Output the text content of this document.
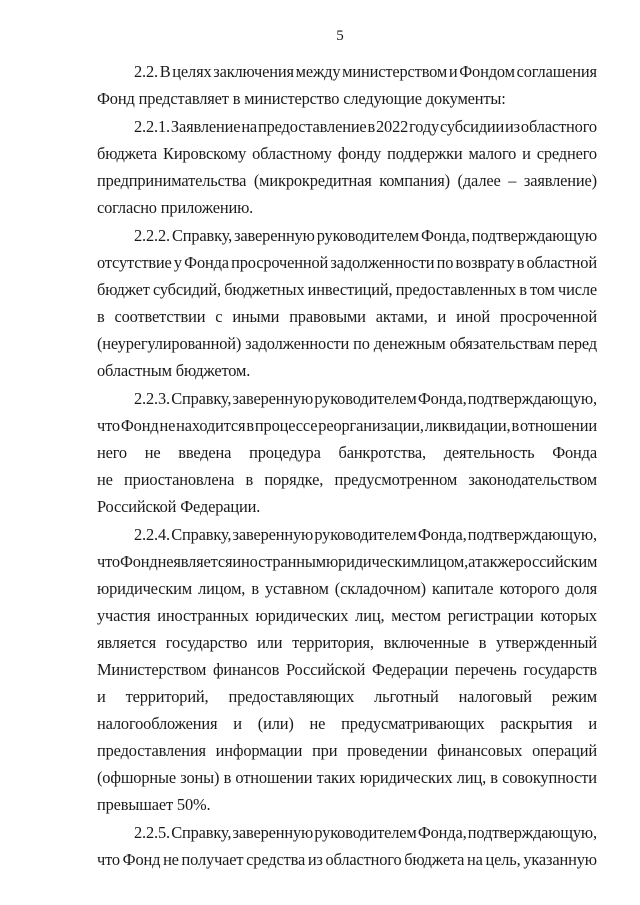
5
2.2. В целях заключения между министерством и Фондом соглашения
Фонд представляет в министерство следующие документы:
2.2.1. Заявление на предоставление в 2022 году субсидии из областного
бюджета Кировскому областному фонду поддержки малого и среднего
предпринимательства (микрокредитная компания) (далее – заявление)
согласно приложению.
2.2.2. Справку, заверенную руководителем Фонда, подтверждающую
отсутствие у Фонда просроченной задолженности по возврату в областной
бюджет субсидий, бюджетных инвестиций, предоставленных в том числе
в соответствии с иными правовыми актами, и иной просроченной
(неурегулированной) задолженности по денежным обязательствам перед
областным бюджетом.
2.2.3. Справку, заверенную руководителем Фонда, подтверждающую,
что Фонд не находится в процессе реорганизации, ликвидации, в отношении
него не введена процедура банкротства, деятельность Фонда
не приостановлена в порядке, предусмотренном законодательством
Российской Федерации.
2.2.4. Справку, заверенную руководителем Фонда, подтверждающую,
что Фонд не является иностранным юридическим лицом, а также российским
юридическим лицом, в уставном (складочном) капитале которого доля
участия иностранных юридических лиц, местом регистрации которых
является государство или территория, включенные в утвержденный
Министерством финансов Российской Федерации перечень государств
и территорий, предоставляющих льготный налоговый режим
налогообложения и (или) не предусматривающих раскрытия и
предоставления информации при проведении финансовых операций
(офшорные зоны) в отношении таких юридических лиц, в совокупности
превышает 50%.
2.2.5. Справку, заверенную руководителем Фонда, подтверждающую,
что Фонд не получает средства из областного бюджета на цель, указанную
